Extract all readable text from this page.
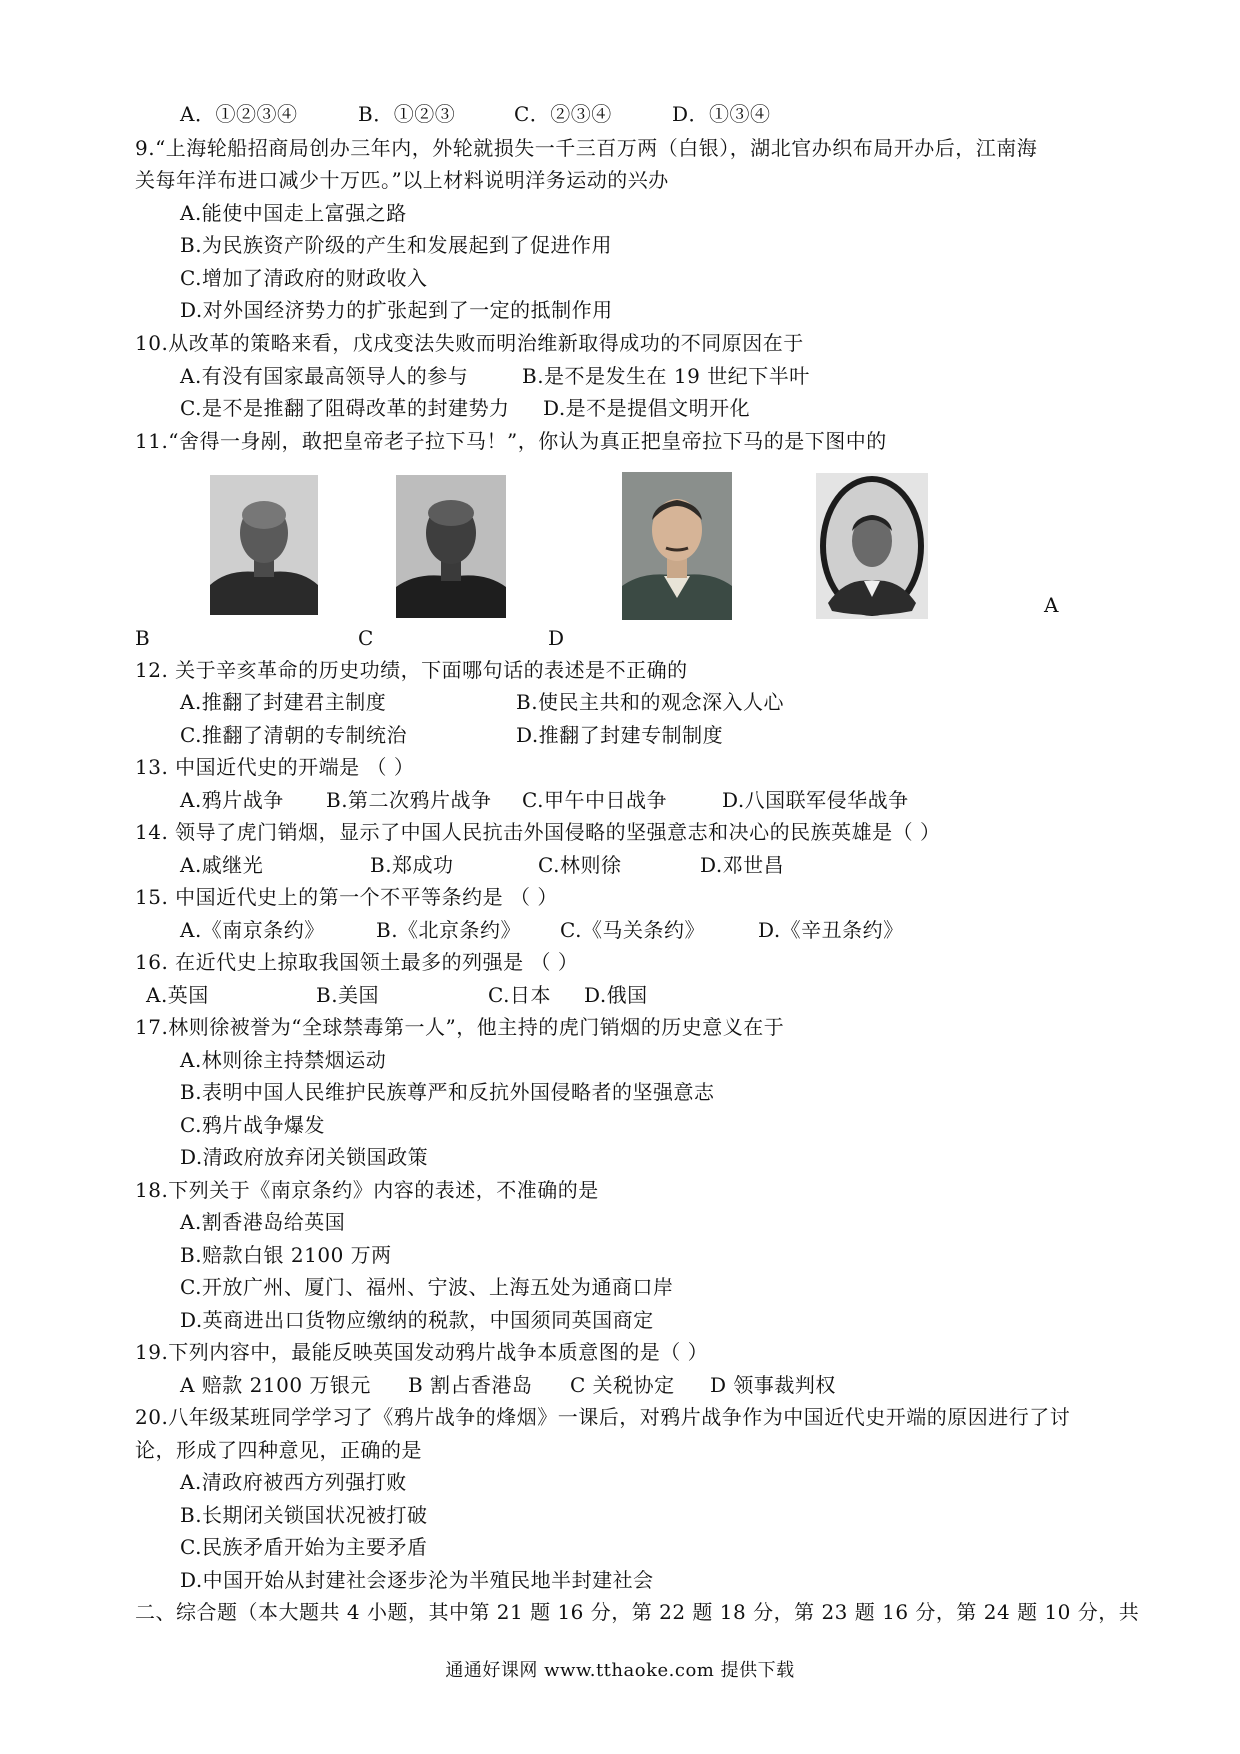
A．①②③④	B．①②③	C．②③④	D．①③④
9.“上海轮船招商局创办三年内，外轮就损失一千三百万两（白银），湖北官办织布局开办后，江南海
关每年洋布进口减少十万匹。”以上材料说明洋务运动的兴办
A.能使中国走上富强之路
B.为民族资产阶级的产生和发展起到了促进作用
C.增加了清政府的财政收入
D.对外国经济势力的扩张起到了一定的抵制作用
10.从改革的策略来看，戊戌变法失败而明治维新取得成功的不同原因在于
A.有没有国家最高领导人的参与	B.是不是发生在 19 世纪下半叶
C.是不是推翻了阻碍改革的封建势力 D.是不是提倡文明开化
11.“舍得一身剐，敢把皇帝老子拉下马！”，你认为真正把皇帝拉下马的是下图中的
B	C	D
A
12. 关于辛亥革命的历史功绩，下面哪句话的表述是不正确的
A.推翻了封建君主制度	B.使民主共和的观念深入人心
C.推翻了清朝的专制统治	D.推翻了封建专制制度
13. 中国近代史的开端是 （ ）
A.鸦片战争 B.第二次鸦片战争 C.甲午中日战争	D.八国联军侵华战争
14. 领导了虎门销烟，显示了中国人民抗击外国侵略的坚强意志和决心的民族英雄是（ ）
A.戚继光	B.郑成功	C.林则徐	D.邓世昌
15. 中国近代史上的第一个不平等条约是 （ ）
A.《南京条约》	B.《北京条约》 C.《马关条约》	D.《辛丑条约》
16. 在近代史上掠取我国领土最多的列强是 （ ）
A.英国	B.美国	C.日本 D.俄国
17.林则徐被誉为“全球禁毒第一人”，他主持的虎门销烟的历史意义在于
A.林则徐主持禁烟运动
B.表明中国人民维护民族尊严和反抗外国侵略者的坚强意志
C.鸦片战争爆发
D.清政府放弃闭关锁国政策
18.下列关于《南京条约》内容的表述，不准确的是
A.割香港岛给英国
B.赔款白银 2100 万两
C.开放广州、厦门、福州、宁波、上海五处为通商口岸
D.英商进出口货物应缴纳的税款，中国须同英国商定
19.下列内容中，最能反映英国发动鸦片战争本质意图的是（ ）
A 赔款 2100 万银元 B 割占香港岛 C 关税协定 D 领事裁判权
20.八年级某班同学学习了《鸦片战争的烽烟》一课后，对鸦片战争作为中国近代史开端的原因进行了讨
论，形成了四种意见，正确的是
A.清政府被西方列强打败
B.长期闭关锁国状况被打破
C.民族矛盾开始为主要矛盾
D.中国开始从封建社会逐步沦为半殖民地半封建社会
二、综合题（本大题共 4 小题，其中第 21 题 16 分，第 22 题 18 分，第 23 题 16 分，第 24 题 10 分，共
通通好课网 www.tthaoke.com 提供下载
